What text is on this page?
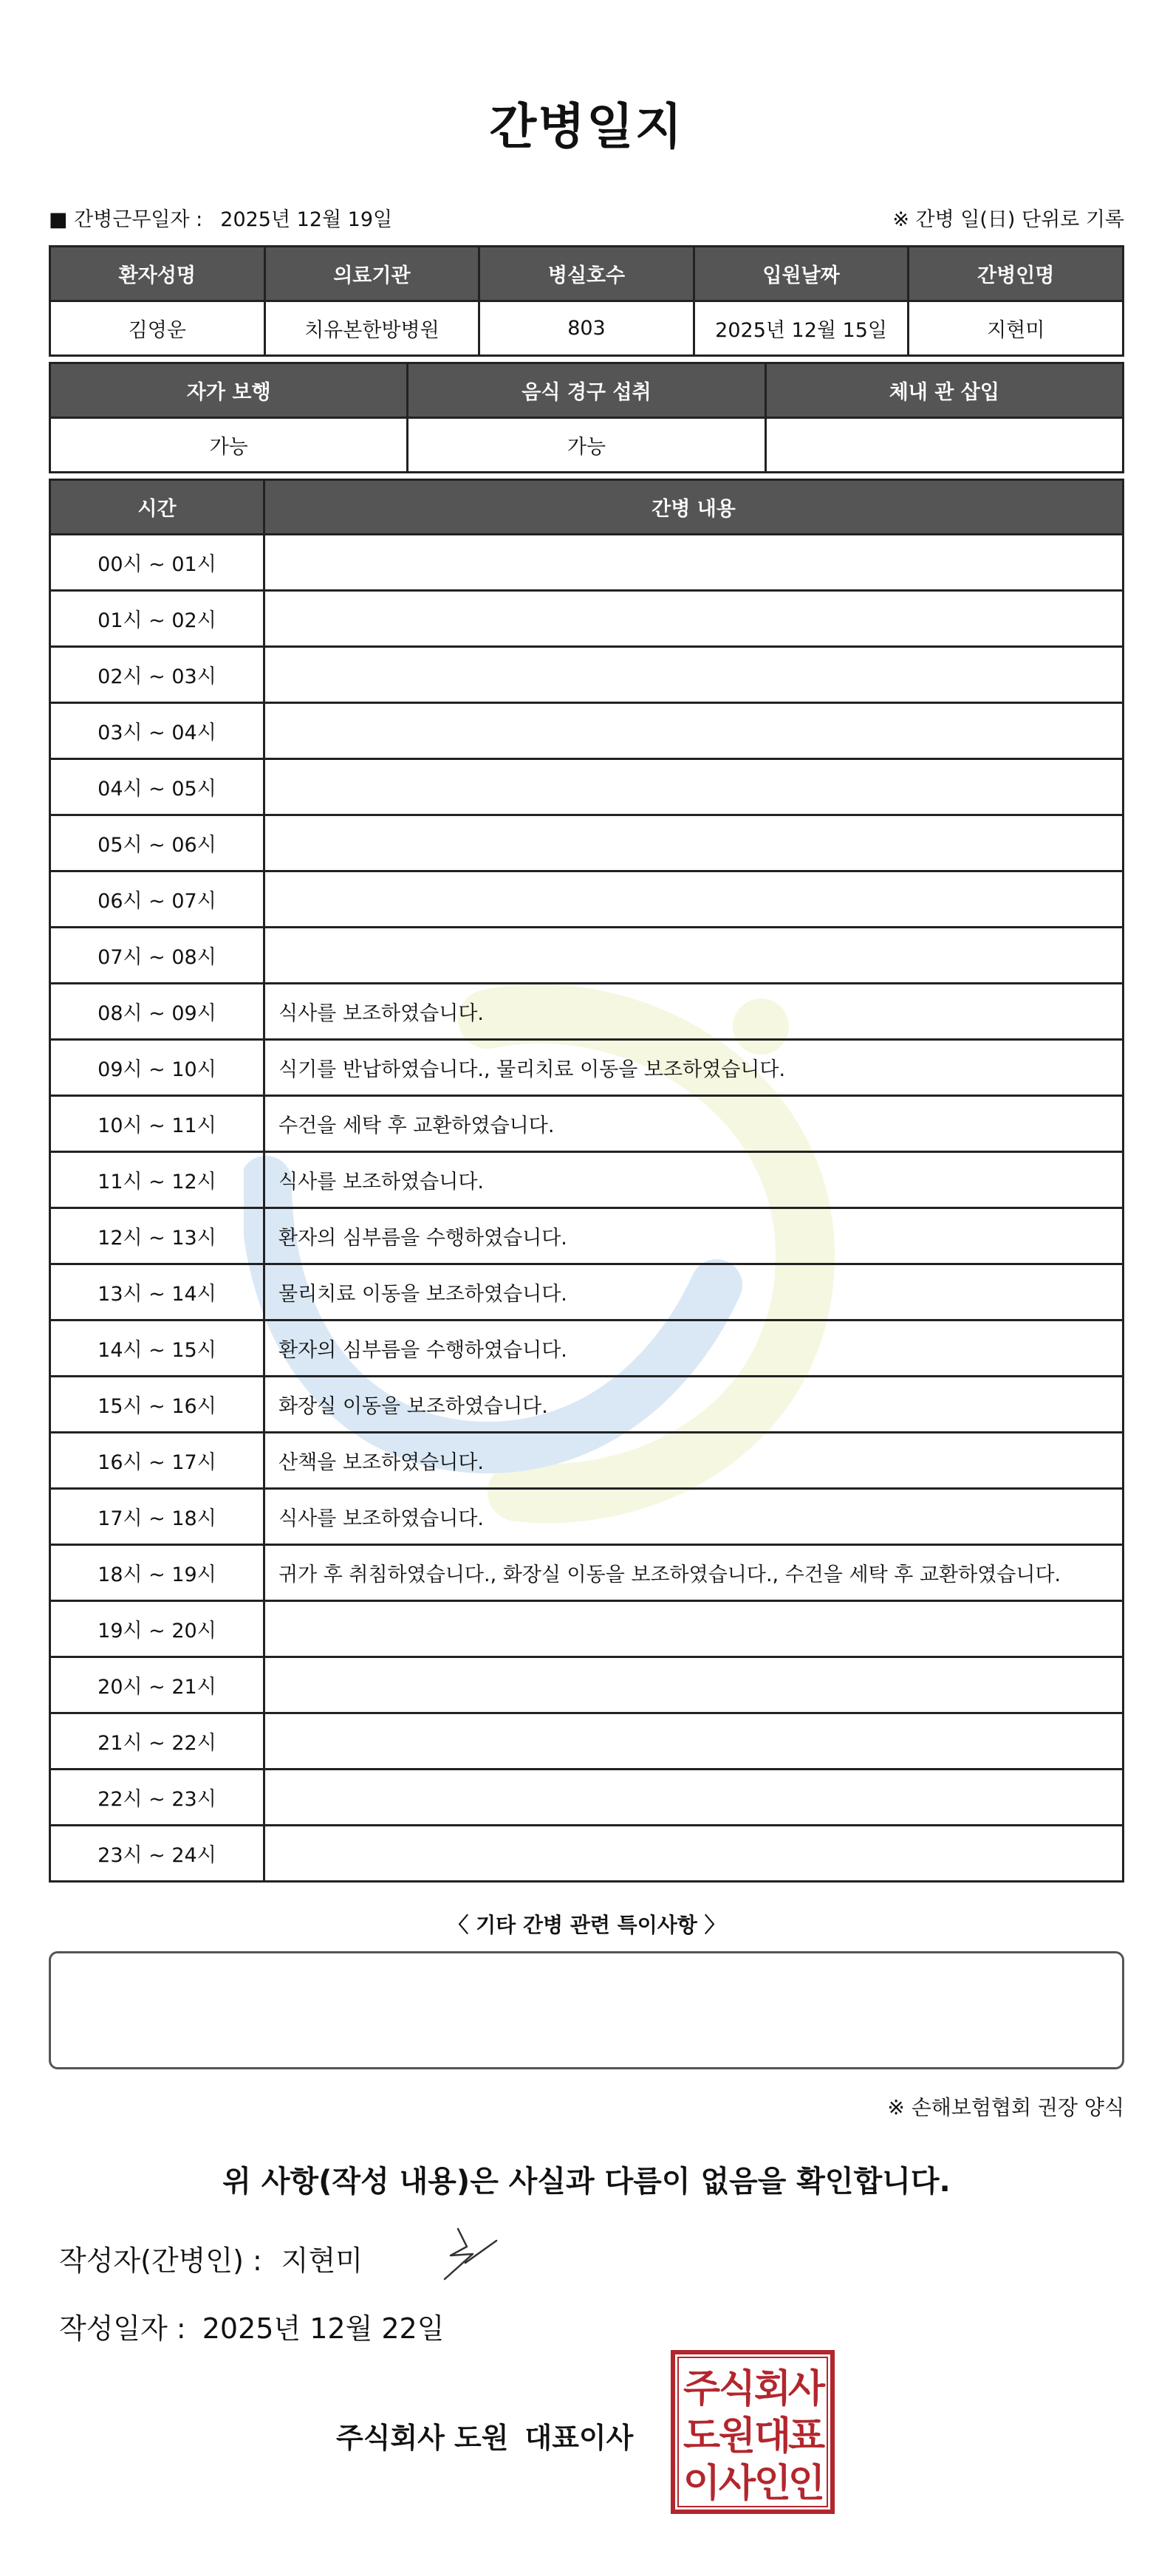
간병일지
■ 간병근무일자 : 2025년 12월 19일	※ 간병 일(日) 단위로 기록
환자성명	의료기관	병실호수	입원날짜	간병인명
김영운	치유본한방병원	803	2025년 12월 15일	지현미
자가 보행	음식 경구 섭취	체내 관 삽입
가능	가능	
시간	간병 내용
00시 ~ 01시	
01시 ~ 02시	
02시 ~ 03시	
03시 ~ 04시	
04시 ~ 05시	
05시 ~ 06시	
06시 ~ 07시	
07시 ~ 08시	
08시 ~ 09시	식사를 보조하였습니다.
09시 ~ 10시	식기를 반납하였습니다., 물리치료 이동을 보조하였습니다.
10시 ~ 11시	수건을 세탁 후 교환하였습니다.
11시 ~ 12시	식사를 보조하였습니다.
12시 ~ 13시	환자의 심부름을 수행하였습니다.
13시 ~ 14시	물리치료 이동을 보조하였습니다.
14시 ~ 15시	환자의 심부름을 수행하였습니다.
15시 ~ 16시	화장실 이동을 보조하였습니다.
16시 ~ 17시	산책을 보조하였습니다.
17시 ~ 18시	식사를 보조하였습니다.
18시 ~ 19시	귀가 후 취침하였습니다., 화장실 이동을 보조하였습니다., 수건을 세탁 후 교환하였습니다.
19시 ~ 20시	
20시 ~ 21시	
21시 ~ 22시	
22시 ~ 23시	
23시 ~ 24시	
〈 기타 간병 관련 특이사항 〉
※ 손해보험협회 권장 양식
위 사항(작성 내용)은 사실과 다름이 없음을 확인합니다.
작성자(간병인) : 지현미
작성일자 : 2025년 12월 22일
주식회사 도원 대표이사
주
식
회
사
도
원
대
표
이
사
인
인
